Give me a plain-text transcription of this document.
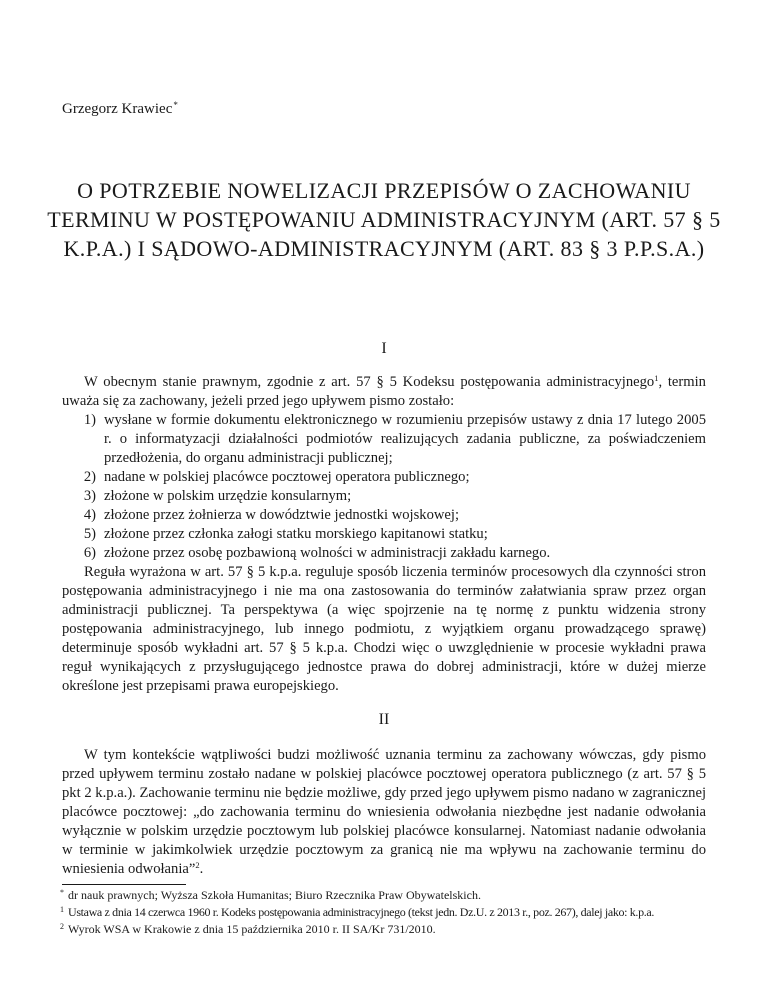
Grzegorz Krawiec*
O POTRZEBIE NOWELIZACJI PRZEPISÓW O ZACHOWANIU TERMINU W POSTĘPOWANIU ADMINISTRACYJNYM (ART. 57 § 5 K.P.A.) I SĄDOWO-ADMINISTRACYJNYM (ART. 83 § 3 P.P.S.A.)
I

W obecnym stanie prawnym, zgodnie z art. 57 § 5 Kodeksu postępowania administracyjnego$^1$, termin uważa się za zachowany, jeżeli przed jego upływem pismo zostało:

1) wysłane w formie dokumentu elektronicznego w rozumieniu przepisów ustawy z dnia 17 lutego 2005 r. o informatyzacji działalności podmiotów realizujących zadania publiczne, za poświadczeniem przedłożenia, do organu administracji publicznej;
2) nadane w polskiej placówce pocztowej operatora publicznego;
3) złożone w polskim urzędzie konsularnym;
4) złożone przez żołnierza w dowództwie jednostki wojskowej;
5) złożone przez członka załogi statku morskiego kapitanowi statku;
6) złożone przez osobę pozbawioną wolności w administracji zakładu karnego.

Reguła wyrażona w art. 57 § 5 k.p.a. reguluje sposób liczenia terminów procesowych dla czynności stron postępowania administracyjnego i nie ma ona zastosowania do terminów załatwiania spraw przez organ administracji publicznej. Ta perspektywa (a więc spojrzenie na tę normę z punktu widzenia strony postępowania administracyjnego, lub innego podmiotu, z wyjątkiem organu prowadzącego sprawę) determinuje sposób wykładni art. 57 § 5 k.p.a. Chodzi więc o uwzględnienie w procesie wykładni prawa reguł wynikających z przysługującego jednostce prawa do dobrej administracji, które w dużej mierze określone jest przepisami prawa europejskiego.

II

W tym kontekście wątpliwości budzi możliwość uznania terminu za zachowany wówczas, gdy pismo przed upływem terminu zostało nadane w polskiej placówce pocztowej operatora publicznego (z art. 57 § 5 pkt 2 k.p.a.). Zachowanie terminu nie będzie możliwe, gdy przed jego upływem pismo nadano w zagranicznej placówce pocztowej: „do zachowania terminu do wniesienia odwołania niezbędne jest nadanie odwołania wyłącznie w polskim urzędzie pocztowym lub polskiej placówce konsularnej. Natomiast nadanie odwołania w terminie w jakimkolwiek urzędzie pocztowym za granicą nie ma wpływu na zachowanie terminu do wniesienia odwołania”$^2$.

* dr nauk prawnych; Wyższa Szkoła Humanitas; Biuro Rzecznika Praw Obywatelskich.
1 Ustawa z dnia 14 czerwca 1960 r. Kodeks postępowania administracyjnego (tekst jedn. Dz.U. z 2013 r., poz. 267), dalej jako: k.p.a.
2 Wyrok WSA w Krakowie z dnia 15 października 2010 r. II SA/Kr 731/2010.
